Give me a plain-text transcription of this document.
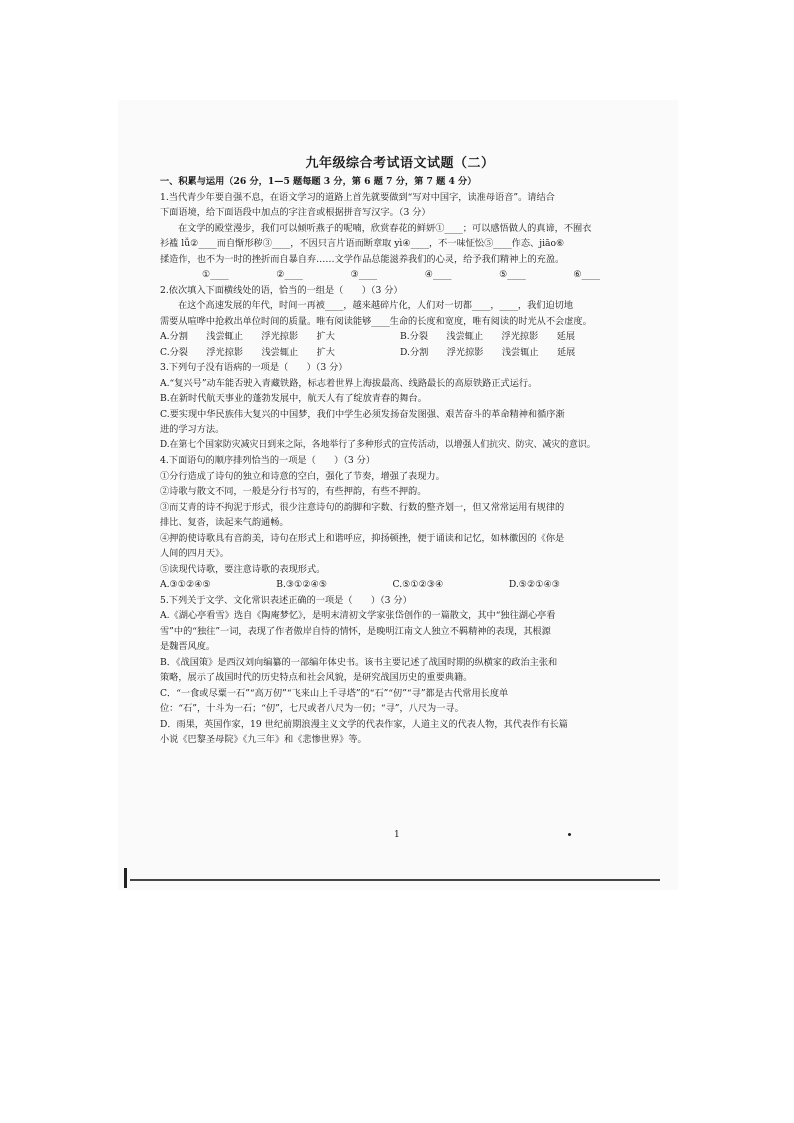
九年级综合考试语文试题（二）
一、积累与运用（26 分，1—5 题每题 3 分，第 6 题 7 分，第 7 题 4 分）
1.当代青少年要自强不息，在语文学习的道路上首先就要做到“写对中国字，读准母语音”。请结合
下面语境，给下面语段中加点的字注音或根据拼音写汉字。（3 分）
在文学的殿堂漫步，我们可以倾听燕子的呢喃，欣赏春花的鲜妍①____；可以感悟做人的真谛，不囿衣
衫褴 lǚ②____而自惭形秽③____，不因只言片语而断章取 yì④____，不一味怔忪⑤____作态、jiāo⑥
揉造作，也不为一时的挫折而自暴自弃……文学作品总能滋养我们的心灵，给予我们精神上的充盈。
①____	②____	③____	④____	⑤____	⑥____
2.依次填入下面横线处的语，恰当的一组是（　　）（3 分）
在这个高速发展的年代，时间一再被____，越来越碎片化，人们对一切都____，____，我们迫切地
需要从喧哗中抢救出单位时间的质量。唯有阅读能够____生命的长度和宽度，唯有阅读的时光从不会虚度。
A.分割　　浅尝辄止　　浮光掠影　　扩大	B.分裂　　浅尝辄止　　浮光掠影　　延展
C.分裂　　浮光掠影　　浅尝辄止　　扩大	D.分割　　浮光掠影　　浅尝辄止　　延展
3.下列句子没有语病的一项是（　　）（3 分）
A.“复兴号”动车能否驶入青藏铁路，标志着世界上海拔最高、线路最长的高原铁路正式运行。
B.在新时代航天事业的蓬勃发展中，航天人有了绽放青春的舞台。
C.要实现中华民族伟大复兴的中国梦，我们中学生必须发扬奋发图强、艰苦奋斗的革命精神和循序渐
进的学习方法。
D.在第七个国家防灾减灾日到来之际，各地举行了多种形式的宣传活动，以增强人们抗灾、防灾、减灾的意识。
4.下面语句的顺序排列恰当的一项是（　　）（3 分）
①分行造成了诗句的独立和诗意的空白，强化了节奏，增强了表现力。
②诗歌与散文不同，一般是分行书写的，有些押韵，有些不押韵。
③而艾青的诗不拘泥于形式，很少注意诗句的韵脚和字数、行数的整齐划一，但又常常运用有规律的
排比、复沓，读起来气韵通畅。
④押韵使诗歌具有音韵美，诗句在形式上和谐呼应，抑扬顿挫，便于诵读和记忆，如林徽因的《你是
人间的四月天》。
⑤读现代诗歌，要注意诗歌的表现形式。
A.③①②④⑤	B.③①②④⑤	C.⑤①②③④	D.⑤②①④③
5.下列关于文学、文化常识表述正确的一项是（　　）（3 分）
A.《湖心亭看雪》选自《陶庵梦忆》，是明末清初文学家张岱创作的一篇散文，其中“独往湖心亭看
雪”中的“独往”一词，表现了作者傲岸自恃的情怀，是晚明江南文人独立不羁精神的表现，其根源
是魏晋风度。
B．《战国策》是西汉刘向编纂的一部编年体史书。该书主要记述了战国时期的纵横家的政治主张和
策略，展示了战国时代的历史特点和社会风貌，是研究战国历史的重要典籍。
C．“一食或尽粟一石”“高万仞”“飞来山上千寻塔”的“石”“仞”“寻”都是古代常用长度单
位：“石”，十斗为一石；“仞”，七尺或者八尺为一仞；“寻”，八尺为一寻。
D．雨果，英国作家，19 世纪前期浪漫主义文学的代表作家，人道主义的代表人物，其代表作有长篇
小说《巴黎圣母院》《九三年》和《悲惨世界》等。
1
